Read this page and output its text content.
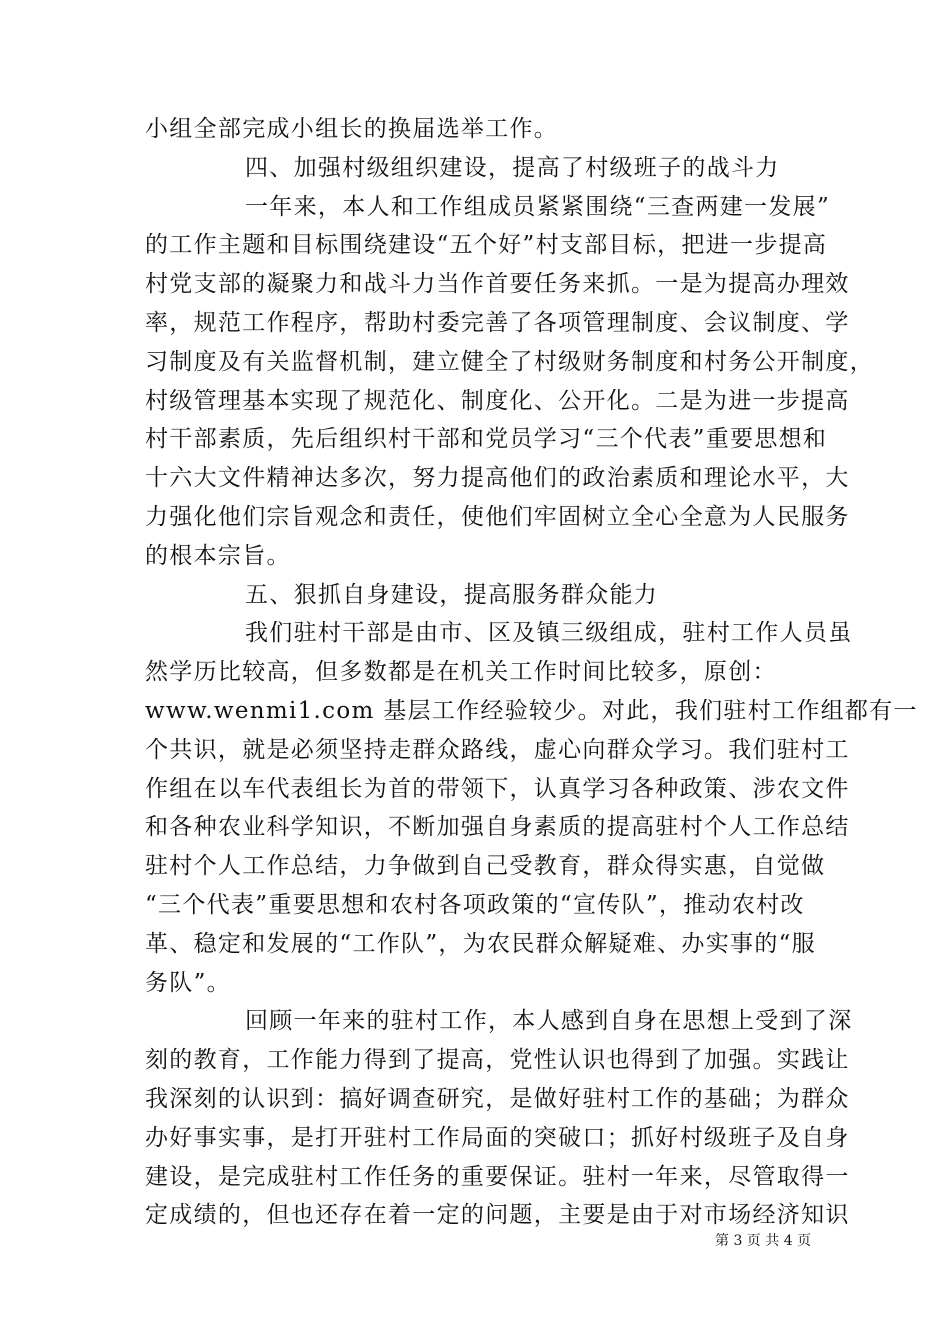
小组全部完成小组长的换届选举工作。
四、加强村级组织建设，提高了村级班子的战斗力
一年来，本人和工作组成员紧紧围绕“三查两建一发展”
的工作主题和目标围绕建设“五个好”村支部目标，把进一步提高
村党支部的凝聚力和战斗力当作首要任务来抓。一是为提高办理效
率，规范工作程序，帮助村委完善了各项管理制度、会议制度、学
习制度及有关监督机制，建立健全了村级财务制度和村务公开制度，
村级管理基本实现了规范化、制度化、公开化。二是为进一步提高
村干部素质，先后组织村干部和党员学习“三个代表”重要思想和
十六大文件精神达多次，努力提高他们的政治素质和理论水平，大
力强化他们宗旨观念和责任，使他们牢固树立全心全意为人民服务
的根本宗旨。
五、狠抓自身建设，提高服务群众能力
我们驻村干部是由市、区及镇三级组成，驻村工作人员虽
然学历比较高，但多数都是在机关工作时间比较多，原创：
www.wenmi1.com 基层工作经验较少。对此，我们驻村工作组都有一
个共识，就是必须坚持走群众路线，虚心向群众学习。我们驻村工
作组在以车代表组长为首的带领下，认真学习各种政策、涉农文件
和各种农业科学知识，不断加强自身素质的提高驻村个人工作总结
驻村个人工作总结，力争做到自己受教育，群众得实惠，自觉做
“三个代表”重要思想和农村各项政策的“宣传队”，推动农村改
革、稳定和发展的“工作队”，为农民群众解疑难、办实事的“服
务队”。
回顾一年来的驻村工作，本人感到自身在思想上受到了深
刻的教育，工作能力得到了提高，党性认识也得到了加强。实践让
我深刻的认识到：搞好调查研究，是做好驻村工作的基础；为群众
办好事实事，是打开驻村工作局面的突破口；抓好村级班子及自身
建设，是完成驻村工作任务的重要保证。驻村一年来，尽管取得一
定成绩的，但也还存在着一定的问题，主要是由于对市场经济知识
第 3 页 共 4 页
